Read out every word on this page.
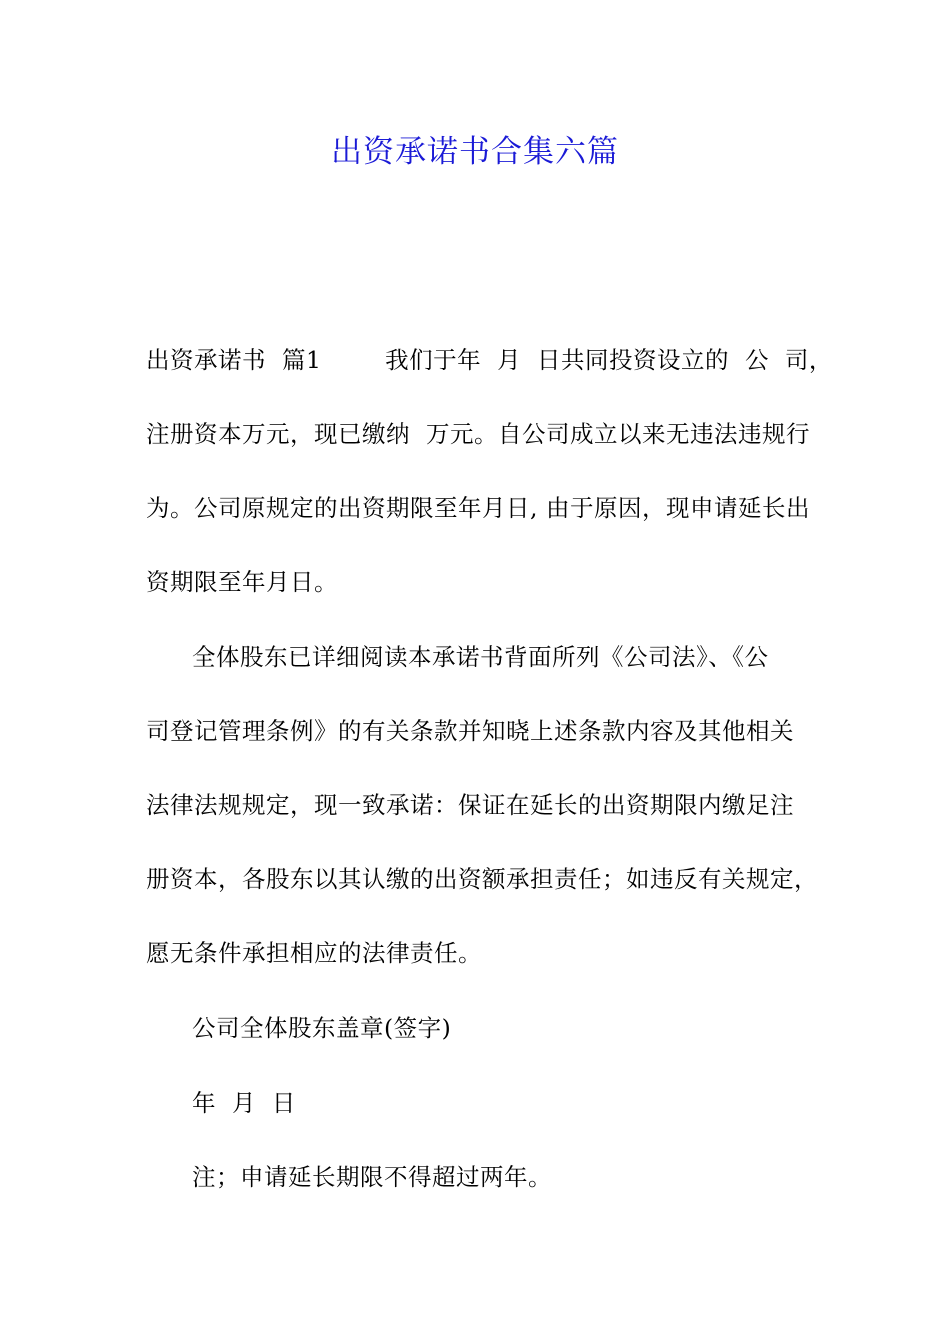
出资承诺书合集六篇
出资承诺书  篇1        我们于年  月  日共同投资设立的  公  司，
注册资本万元，现已缴纳  万元。自公司成立以来无违法违规行
为。公司原规定的出资期限至年月日, 由于原因，现申请延长出
资期限至年月日。
全体股东已详细阅读本承诺书背面所列《公司法》、《公
司登记管理条例》的有关条款并知晓上述条款内容及其他相关
法律法规规定，现一致承诺：保证在延长的出资期限内缴足注
册资本，各股东以其认缴的出资额承担责任；如违反有关规定，
愿无条件承担相应的法律责任。
公司全体股东盖章(签字)
年  月  日
注；申请延长期限不得超过两年。
